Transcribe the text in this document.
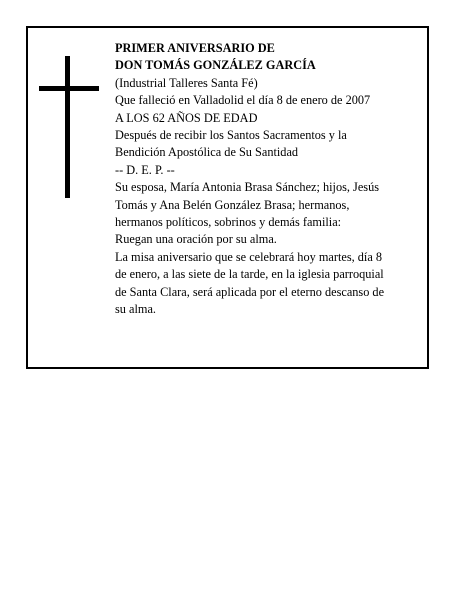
PRIMER ANIVERSARIO DE
DON TOMÁS GONZÁLEZ GARCÍA
(Industrial Talleres Santa Fé)
Que falleció en Valladolid el día 8 de enero de 2007
A LOS 62 AÑOS DE EDAD
Después de recibir los Santos Sacramentos y la
Bendición Apostólica de Su Santidad
-- D. E. P. --
Su esposa, María Antonia Brasa Sánchez; hijos, Jesús
Tomás y Ana Belén González Brasa; hermanos,
hermanos políticos, sobrinos y demás familia:
Ruegan una oración por su alma.
La misa aniversario que se celebrará hoy martes, día 8
de enero, a las siete de la tarde, en la iglesia parroquial
de Santa Clara, será aplicada por el eterno descanso de
su alma.
